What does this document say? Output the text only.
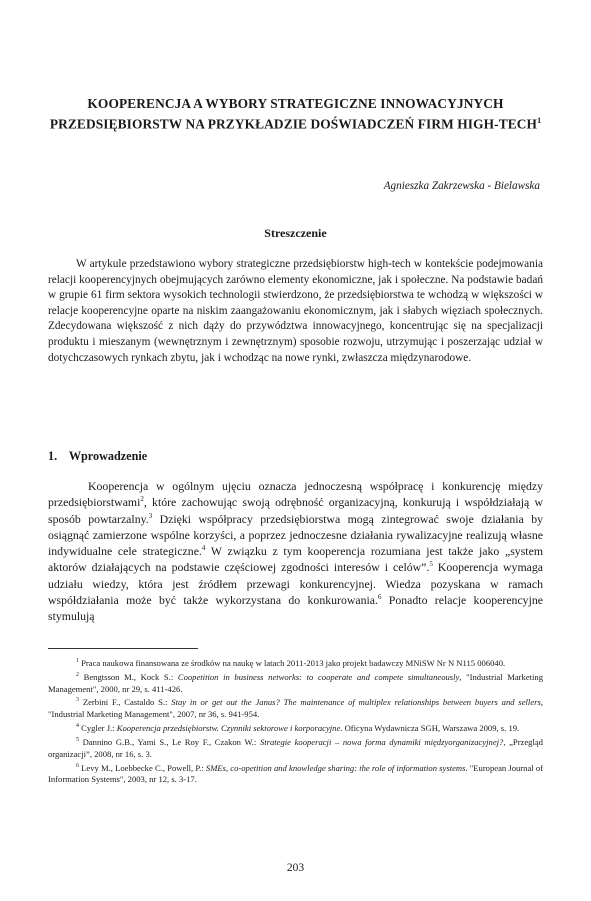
KOOPERENCJA A WYBORY STRATEGICZNE INNOWACYJNYCH PRZEDSIĘBIORSTW NA PRZYKŁADZIE DOŚWIADCZEŃ FIRM HIGH-TECH$^1$
Agnieszka Zakrzewska - Bielawska
Streszczenie

W artykule przedstawiono wybory strategiczne przedsiębiorstw high-tech w kontekście podejmowania relacji kooperencyjnych obejmujących zarówno elementy ekonomiczne, jak i społeczne. Na podstawie badań w grupie 61 firm sektora wysokich technologii stwierdzono, że przedsiębiorstwa te wchodzą w większości w relacje kooperencyjne oparte na niskim zaangażowaniu ekonomicznym, jak i słabych więziach społecznych. Zdecydowana większość z nich dąży do przywództwa innowacyjnego, koncentrując się na specjalizacji produktu i mieszanym (wewnętrznym i zewnętrznym) sposobie rozwoju, utrzymując i poszerzając udział w dotychczasowych rynkach zbytu, jak i wchodząc na nowe rynki, zwłaszcza międzynarodowe.

1. Wprowadzenie

Kooperencja w ogólnym ujęciu oznacza jednoczesną współpracę i konkurencję między przedsiębiorstwami$^2$, które zachowując swoją odrębność organizacyjną, konkurują i współdziałają w sposób powtarzalny.$^3$ Dzięki współpracy przedsiębiorstwa mogą zintegrować swoje działania by osiągnąć zamierzone wspólne korzyści, a poprzez jednoczesne działania rywalizacyjne realizują własne indywidualne cele strategiczne.$^4$ W związku z tym kooperencja rozumiana jest także jako „system aktorów działających na podstawie częściowej zgodności interesów i celów”.$^5$ Kooperencja wymaga udziału wiedzy, która jest źródłem przewagi konkurencyjnej. Wiedza pozyskana w ramach współdziałania może być także wykorzystana do konkurowania.$^6$ Ponadto relacje kooperencyjne stymulują

$^1$ Praca naukowa finansowana ze środków na naukę w latach 2011-2013 jako projekt badawczy MNiSW Nr N N115 006040.

$^2$ Bengtsson M., Kock S.: Coopetition in business networks: to cooperate and compete simultaneously, "Industrial Marketing Management", 2000, nr 29, s. 411-426.

$^3$ Zerbini F., Castaldo S.: Stay in or get out the Janus? The maintenance of multiplex relationships between buyers and sellers, "Industrial Marketing Management", 2007, nr 36, s. 941-954.

$^4$ Cygler J.: Kooperencja przedsiębiorstw. Czynniki sektorowe i korporacyjne. Oficyna Wydawnicza SGH, Warszawa 2009, s. 19.

$^5$ Dannino G.B., Yami S., Le Roy F., Czakon W.: Strategie kooperacji – nowa forma dynamiki międzyorganizacyjnej?, „Przegląd organizacji”, 2008, nr 16, s. 3.

$^6$ Levy M., Loebbecke C., Powell, P.: SMEs, co-opetition and knowledge sharing: the role of information systems. "European Journal of Information Systems", 2003, nr 12, s. 3-17.

203
